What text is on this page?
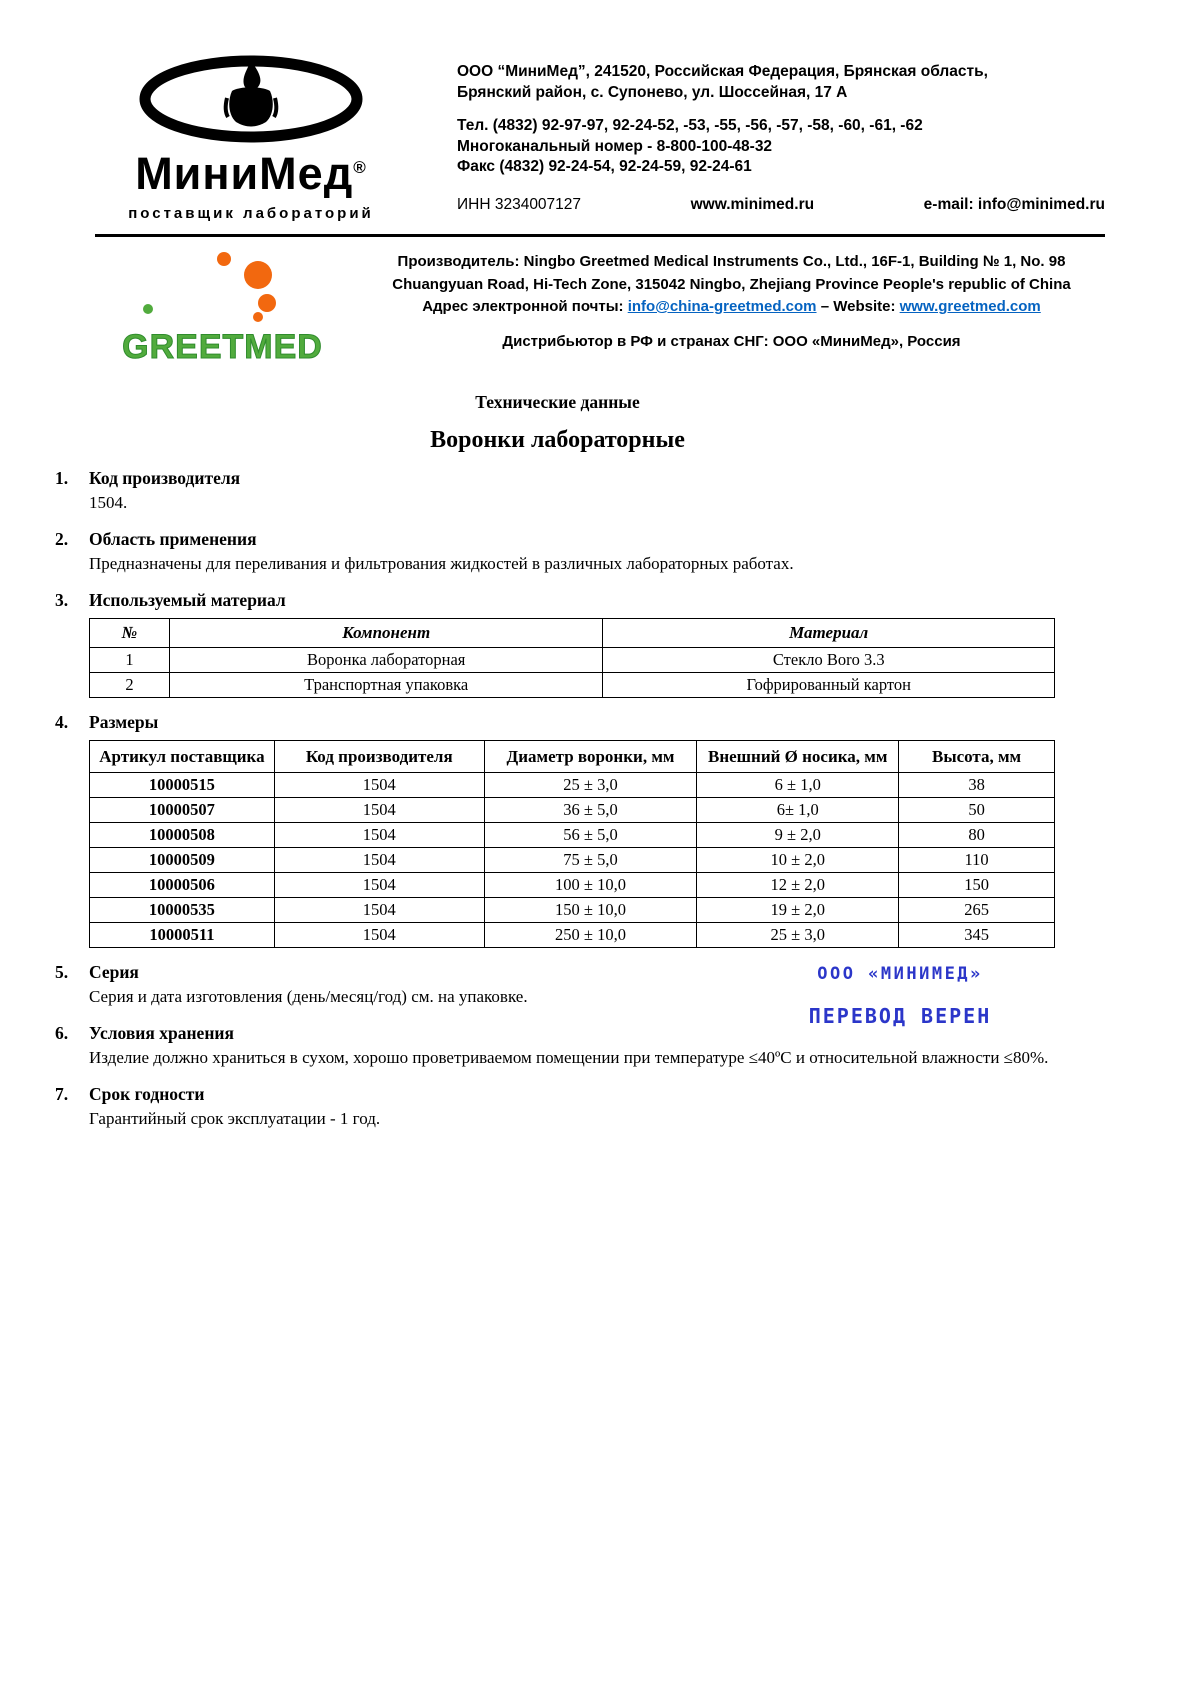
МиниМед®
поставщик лабораторий
ООО “МиниМед”, 241520, Российская Федерация, Брянская область,
Брянский район, с. Супонево, ул. Шоссейная, 17 А
Тел. (4832) 92-97-97, 92-24-52, -53, -55, -56, -57, -58, -60, -61, -62
Многоканальный номер - 8-800-100-48-32
Факс (4832) 92-24-54, 92-24-59, 92-24-61
ИНН 3234007127	www.minimed.ru	e-mail: info@minimed.ru
GREETMED
Производитель: Ningbo Greetmed Medical Instruments Co., Ltd., 16F-1, Building № 1, No. 98
Chuangyuan Road, Hi-Tech Zone, 315042 Ningbo, Zhejiang Province People's republic of China
Адрес электронной почты: info@china-greetmed.com – Website: www.greetmed.com
Дистрибьютор в РФ и странах СНГ: ООО «МиниМед», Россия
Технические данные
Воронки лабораторные
1.	Код производителя
1504.
2.	Область применения
Предназначены для переливания и фильтрования жидкостей в различных лабораторных работах.
3.	Используемый материал
№	Компонент	Материал
1	Воронка лабораторная	Стекло Boro 3.3
2	Транспортная упаковка	Гофрированный картон
4.	Размеры
Артикул поставщика	Код производителя	Диаметр воронки, мм	Внешний Ø носика, мм	Высота, мм
10000515	1504	25 ± 3,0	6 ± 1,0	38
10000507	1504	36 ± 5,0	6± 1,0	50
10000508	1504	56 ± 5,0	9 ± 2,0	80
10000509	1504	75 ± 5,0	10 ± 2,0	110
10000506	1504	100 ± 10,0	12 ± 2,0	150
10000535	1504	150 ± 10,0	19 ± 2,0	265
10000511	1504	250 ± 10,0	25 ± 3,0	345
5.	Серия
Серия и дата изготовления (день/месяц/год) см. на упаковке.
ООО «МИНИМЕД»
ПЕРЕВОД ВЕРЕН
6.	Условия хранения
Изделие должно храниться в сухом, хорошо проветриваемом помещении при температуре ≤40ºС и относительной влажности ≤80%.
7.	Срок годности
Гарантийный срок эксплуатации - 1 год.
